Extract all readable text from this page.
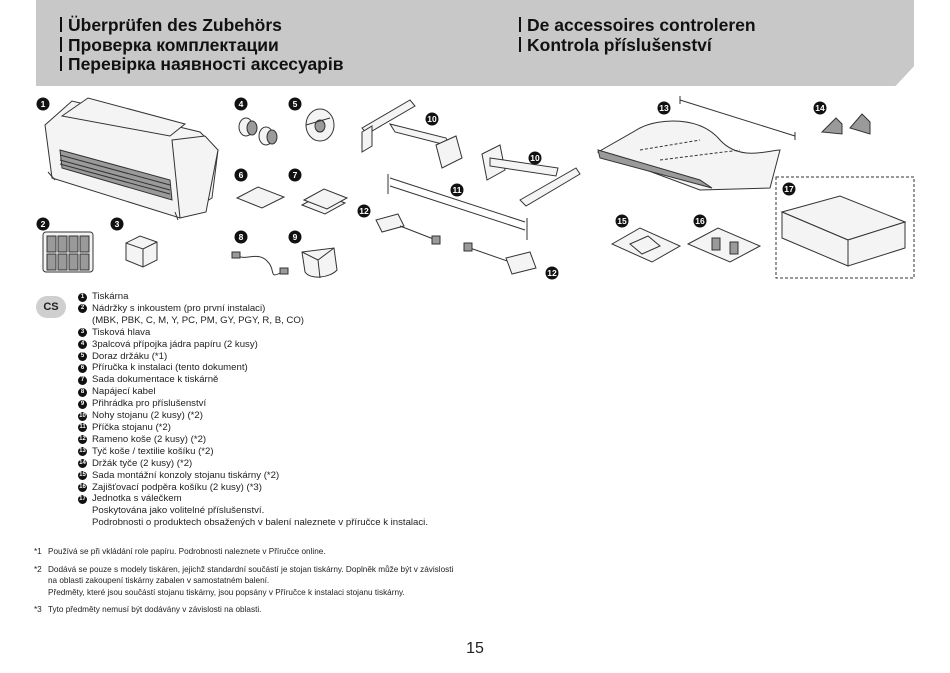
Überprüfen des Zubehörs
Проверка комплектации
Перевірка наявності аксесуарів
De accessoires controleren
Kontrola příslušenství
1
2	3
4	5
6	7
8	9
10
10
11
12
12
13	14
15	16
17
CS
1 Tiskárna
2 Nádržky s inkoustem (pro první instalaci)
(MBK, PBK, C, M, Y, PC, PM, GY, PGY, R, B, CO)
3 Tisková hlava
4 3palcová přípojka jádra papíru (2 kusy)
5 Doraz držáku (*1)
6 Příručka k instalaci (tento dokument)
7 Sada dokumentace k tiskárně
8 Napájecí kabel
9 Přihrádka pro příslušenství
10 Nohy stojanu (2 kusy) (*2)
11 Příčka stojanu (*2)
12 Rameno koše (2 kusy) (*2)
13 Tyč koše / textilie košíku (*2)
14 Držák tyče (2 kusy) (*2)
15 Sada montážní konzoly stojanu tiskárny (*2)
16 Zajišťovací podpěra košíku (2 kusy) (*3)
17 Jednotka s válečkem
Poskytována jako volitelné příslušenství.
Podrobnosti o produktech obsažených v balení naleznete v příručce k instalaci.
*1 Používá se při vkládání role papíru. Podrobnosti naleznete v Příručce online.
*2 Dodává se pouze s modely tiskáren, jejichž standardní součástí je stojan tiskárny. Doplněk může být v závislosti
na oblasti zakoupení tiskárny zabalen v samostatném balení.
Předměty, které jsou součástí stojanu tiskárny, jsou popsány v Příručce k instalaci stojanu tiskárny.
*3 Tyto předměty nemusí být dodávány v závislosti na oblasti.
15
